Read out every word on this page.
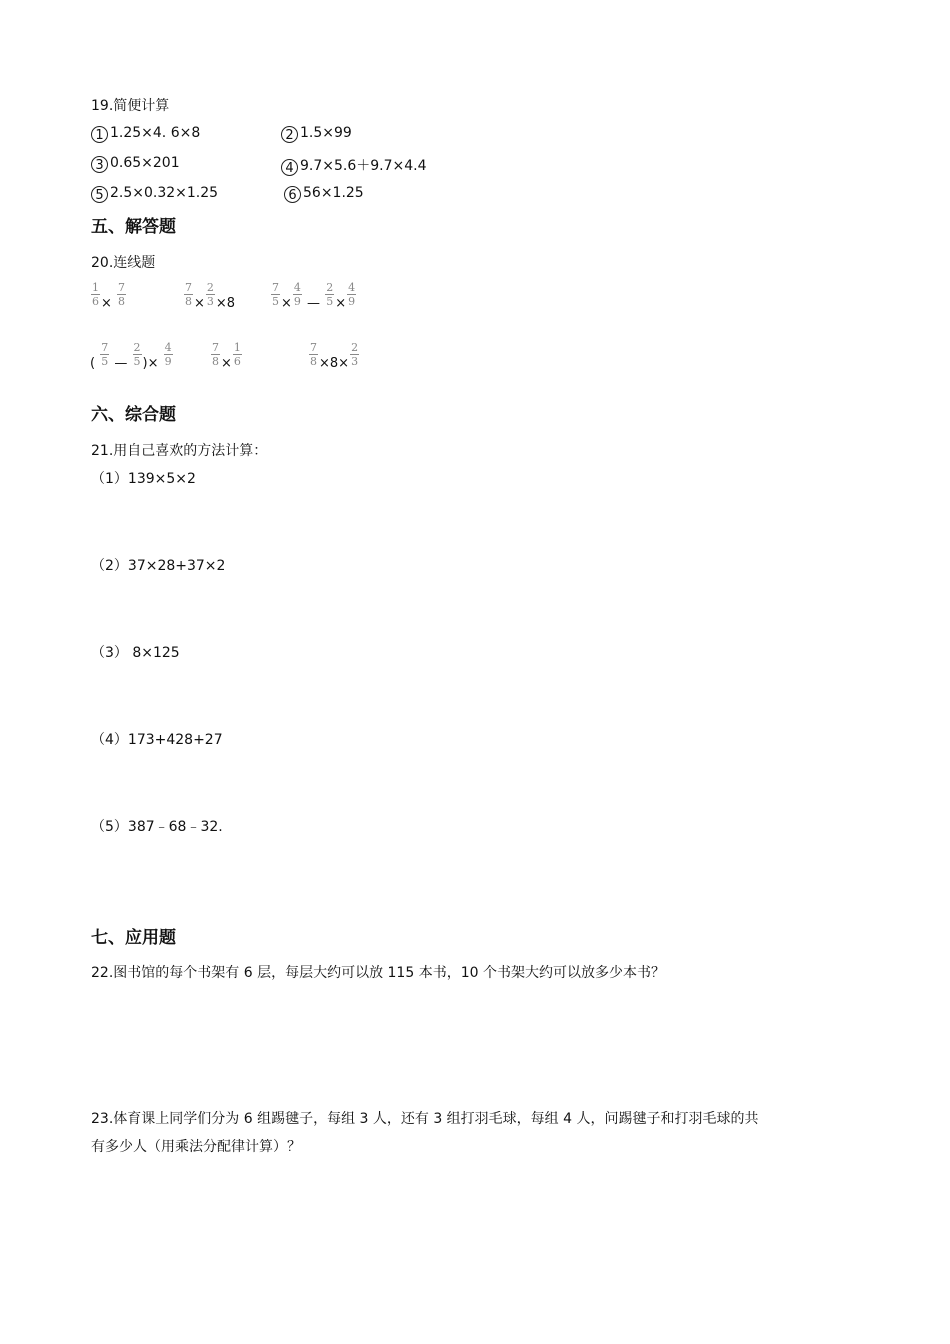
19.简便计算
1 1.25×4. 6×8	2 1.5×99
3 0.65×201	4 9.7×5.6＋9.7×4.4
5 2.5×0.32×1.25	6 56×1.25
五、解答题
20.连线题
$\frac{1}{6} \times \frac{7}{8}$	$\frac{7}{8} \times \frac{2}{3} \times 8$	$\frac{7}{5} \times \frac{4}{9}$ — $\frac{2}{5} \times \frac{4}{9}$
( $\frac{7}{5}$ — $\frac{2}{5}$ )× $\frac{4}{9}$	$\frac{7}{8} \times \frac{1}{6}$	$\frac{7}{8} \times 8\times \frac{2}{3}$
六、综合题
21.用自己喜欢的方法计算：
（1）139×5×2
（2）37×28+37×2
（3） 8×125
（4）173+428+27
（5）387﹣68﹣32.
七、应用题
22.图书馆的每个书架有 6 层，每层大约可以放 115 本书，10 个书架大约可以放多少本书？
23.体育课上同学们分为 6 组踢毽子，每组 3 人，还有 3 组打羽毛球，每组 4 人，问踢毽子和打羽毛球的共
有多少人（用乘法分配律计算）？
